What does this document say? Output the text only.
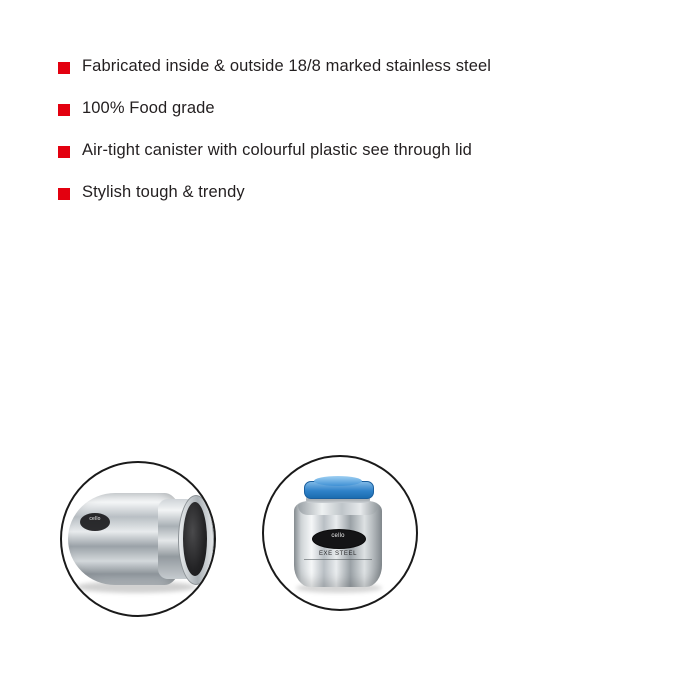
Fabricated inside & outside 18/8 marked stainless steel
100% Food grade
Air-tight canister with colourful plastic see through lid
Stylish tough & trendy
cello
cello
EXE STEEL
